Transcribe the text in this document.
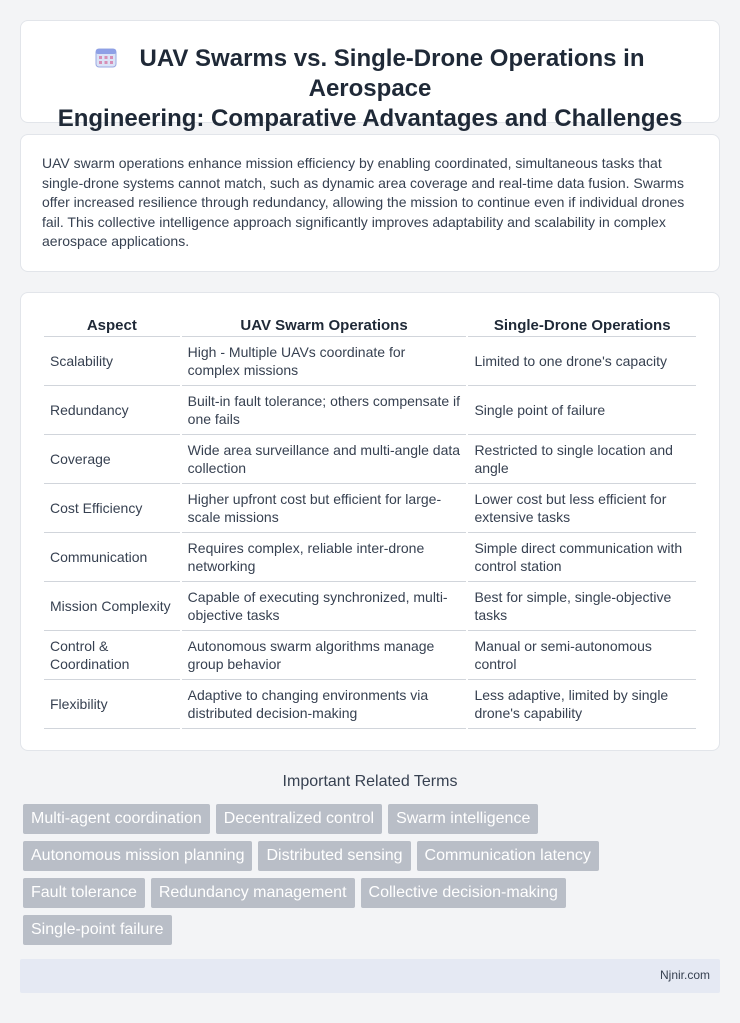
UAV Swarms vs. Single-Drone Operations in Aerospace
Engineering: Comparative Advantages and Challenges

UAV swarm operations enhance mission efficiency by enabling coordinated, simultaneous tasks that single-drone systems cannot match, such as dynamic area coverage and real-time data fusion. Swarms offer increased resilience through redundancy, allowing the mission to continue even if individual drones fail. This collective intelligence approach significantly improves adaptability and scalability in complex aerospace applications.

Aspect	UAV Swarm Operations	Single-Drone Operations
Scalability	High - Multiple UAVs coordinate for complex missions	Limited to one drone's capacity
Redundancy	Built-in fault tolerance; others compensate if one fails	Single point of failure
Coverage	Wide area surveillance and multi-angle data collection	Restricted to single location and angle
Cost Efficiency	Higher upfront cost but efficient for large-scale missions	Lower cost but less efficient for extensive tasks
Communication	Requires complex, reliable inter-drone networking	Simple direct communication with control station
Mission Complexity	Capable of executing synchronized, multi-objective tasks	Best for simple, single-objective tasks
Control & Coordination	Autonomous swarm algorithms manage group behavior	Manual or semi-autonomous control
Flexibility	Adaptive to changing environments via distributed decision-making	Less adaptive, limited by single drone's capability
Important Related Terms
Multi-agent coordination	Decentralized control	Swarm intelligence
Autonomous mission planning	Distributed sensing	Communication latency
Fault tolerance	Redundancy management	Collective decision-making
Single-point failure
Njnir.com
